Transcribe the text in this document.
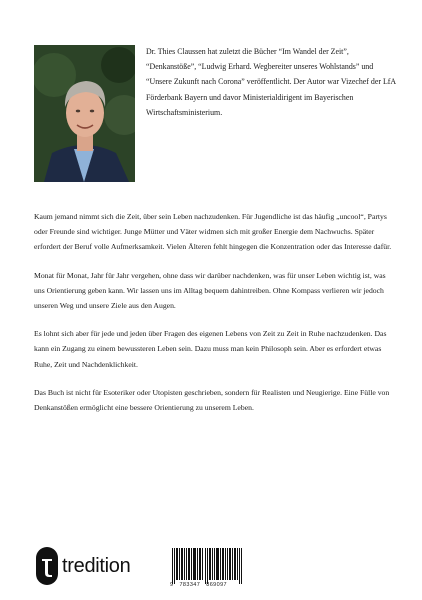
Dr. Thies Claussen hat zuletzt die Bücher “Im Wandel der Zeit”, “Denkanstöße”, “Ludwig Erhard. Wegbereiter unseres Wohlstands” und “Unsere Zukunft nach Corona” veröffentlicht. Der Autor war Vizechef der LfA Förderbank Bayern und davor Ministerialdirigent im Bayerischen Wirtschaftsministerium.

Kaum jemand nimmt sich die Zeit, über sein Leben nachzudenken. Für Jugendliche ist das häufig „uncool“, Partys oder Freunde sind wichtiger. Junge Mütter und Väter widmen sich mit großer Energie dem Nachwuchs. Später erfordert der Beruf volle Aufmerksamkeit. Vielen Älteren fehlt hingegen die Konzentration oder das Interesse dafür.

Monat für Monat, Jahr für Jahr vergehen, ohne dass wir darüber nachdenken, was für unser Leben wichtig ist, was uns Orientierung geben kann. Wir lassen uns im Alltag bequem dahintreiben. Ohne Kompass verlieren wir jedoch unseren Weg und unsere Ziele aus den Augen.

Es lohnt sich aber für jede und jeden über Fragen des eigenen Lebens von Zeit zu Zeit in Ruhe nachzudenken. Das kann ein Zugang zu einem bewussteren Leben sein. Dazu muss man kein Philosoph sein. Aber es erfordert etwas Ruhe, Zeit und Nachdenklichkeit.

Das Buch ist nicht für Esoteriker oder Utopisten geschrieben, sondern für Realisten und Neugierige. Eine Fülle von Denkanstößen ermöglicht eine bessere Orientierung zu unserem Leben.

tredition
9 783347 869097
